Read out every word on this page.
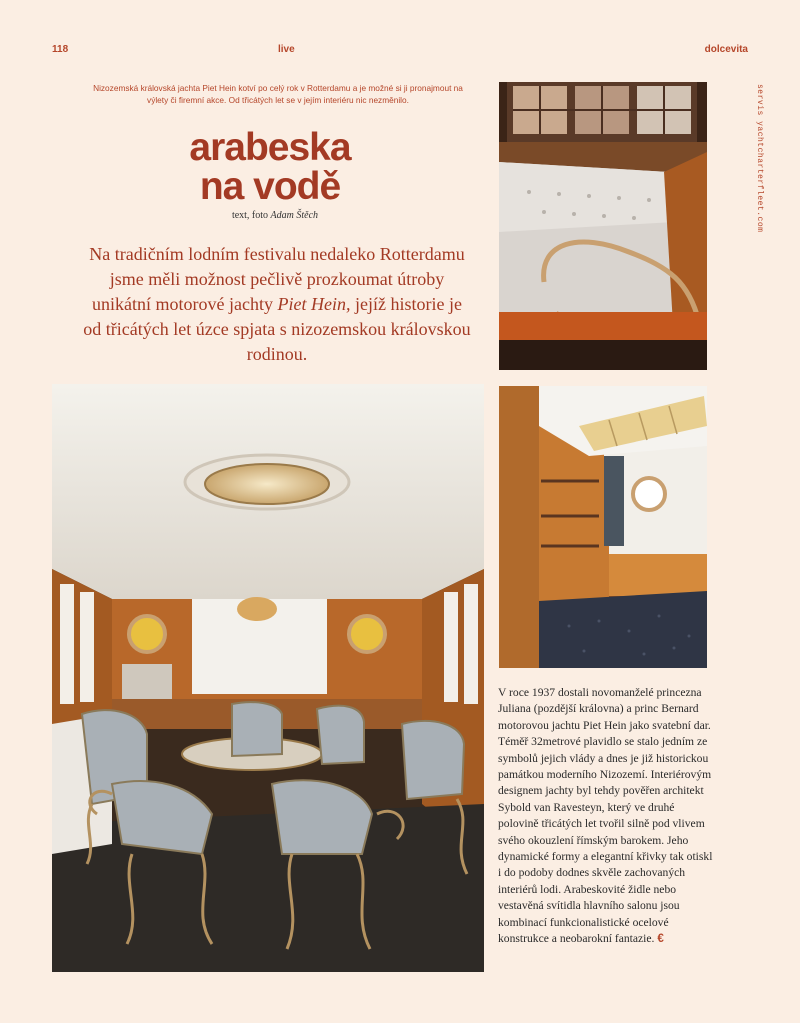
118	live	dolcevita
servis yachtcharterfleet.com
Nizozemská královská jachta Piet Hein kotví po celý rok v Rotterdamu a je možné si ji pronajmout na výlety či firemní akce. Od třicátých let se v jejím interiéru nic nezměnilo.
arabeska
na vodě
text, foto Adam Štěch
Na tradičním lodním festivalu nedaleko Rotterdamu jsme měli možnost pečlivě prozkoumat útroby unikátní motorové jachty Piet Hein, jejíž historie je od třicátých let úzce spjata s nizozemskou královskou rodinou.
V roce 1937 dostali novomanželé princezna Juliana (pozdější královna) a princ Bernard motorovou jachtu Piet Hein jako svatební dar. Téměř 32metrové plavidlo se stalo jedním ze symbolů jejich vlády a dnes je již historickou památkou moderního Nizozemí. Interiérovým designem jachty byl tehdy pověřen architekt Sybold van Ravesteyn, který ve druhé polovině třicátých let tvořil silně pod vlivem svého okouzlení římským barokem. Jeho dynamické formy a elegantní křivky tak otiskl i do podoby dodnes skvěle zachovaných interiérů lodi. Arabeskovité židle nebo vestavěná svítidla hlavního salonu jsou kombinací funkcionalistické ocelové konstrukce a neobarokní fantazie. €
